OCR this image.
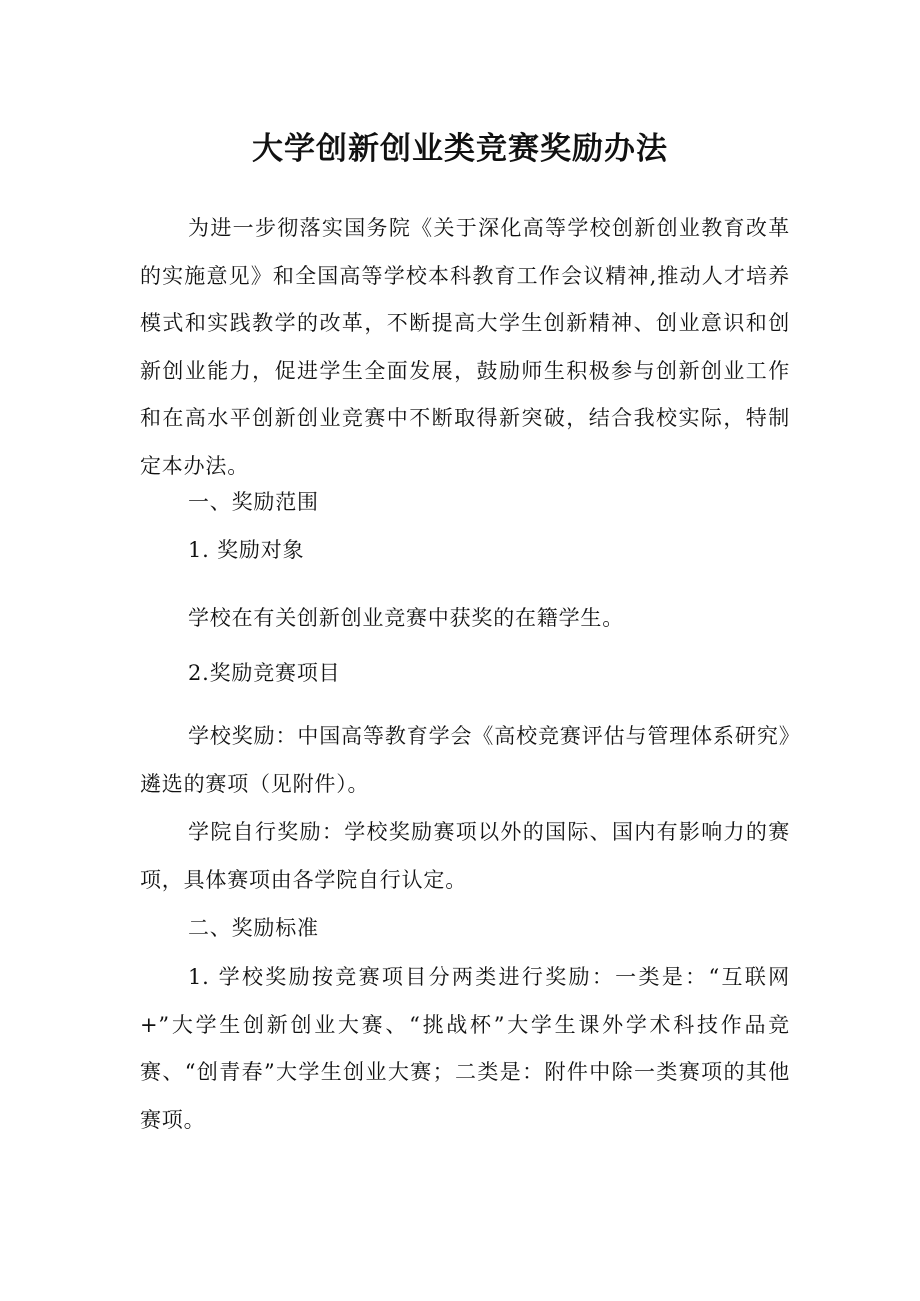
大学创新创业类竞赛奖励办法

为进一步彻落实国务院《关于深化高等学校创新创业教育改革的实施意见》和全国高等学校本科教育工作会议精神,推动人才培养模式和实践教学的改革，不断提高大学生创新精神、创业意识和创新创业能力，促进学生全面发展，鼓励师生积极参与创新创业工作和在高水平创新创业竞赛中不断取得新突破，结合我校实际，特制定本办法。

一、奖励范围

1. 奖励对象

学校在有关创新创业竞赛中获奖的在籍学生。

2.奖励竞赛项目

学校奖励：中国高等教育学会《高校竞赛评估与管理体系研究》遴选的赛项（见附件）。

学院自行奖励：学校奖励赛项以外的国际、国内有影响力的赛项，具体赛项由各学院自行认定。

二、奖励标准

1. 学校奖励按竞赛项目分两类进行奖励：一类是：“互联网+”大学生创新创业大赛、“挑战杯”大学生课外学术科技作品竞赛、“创青春”大学生创业大赛；二类是：附件中除一类赛项的其他赛项。
